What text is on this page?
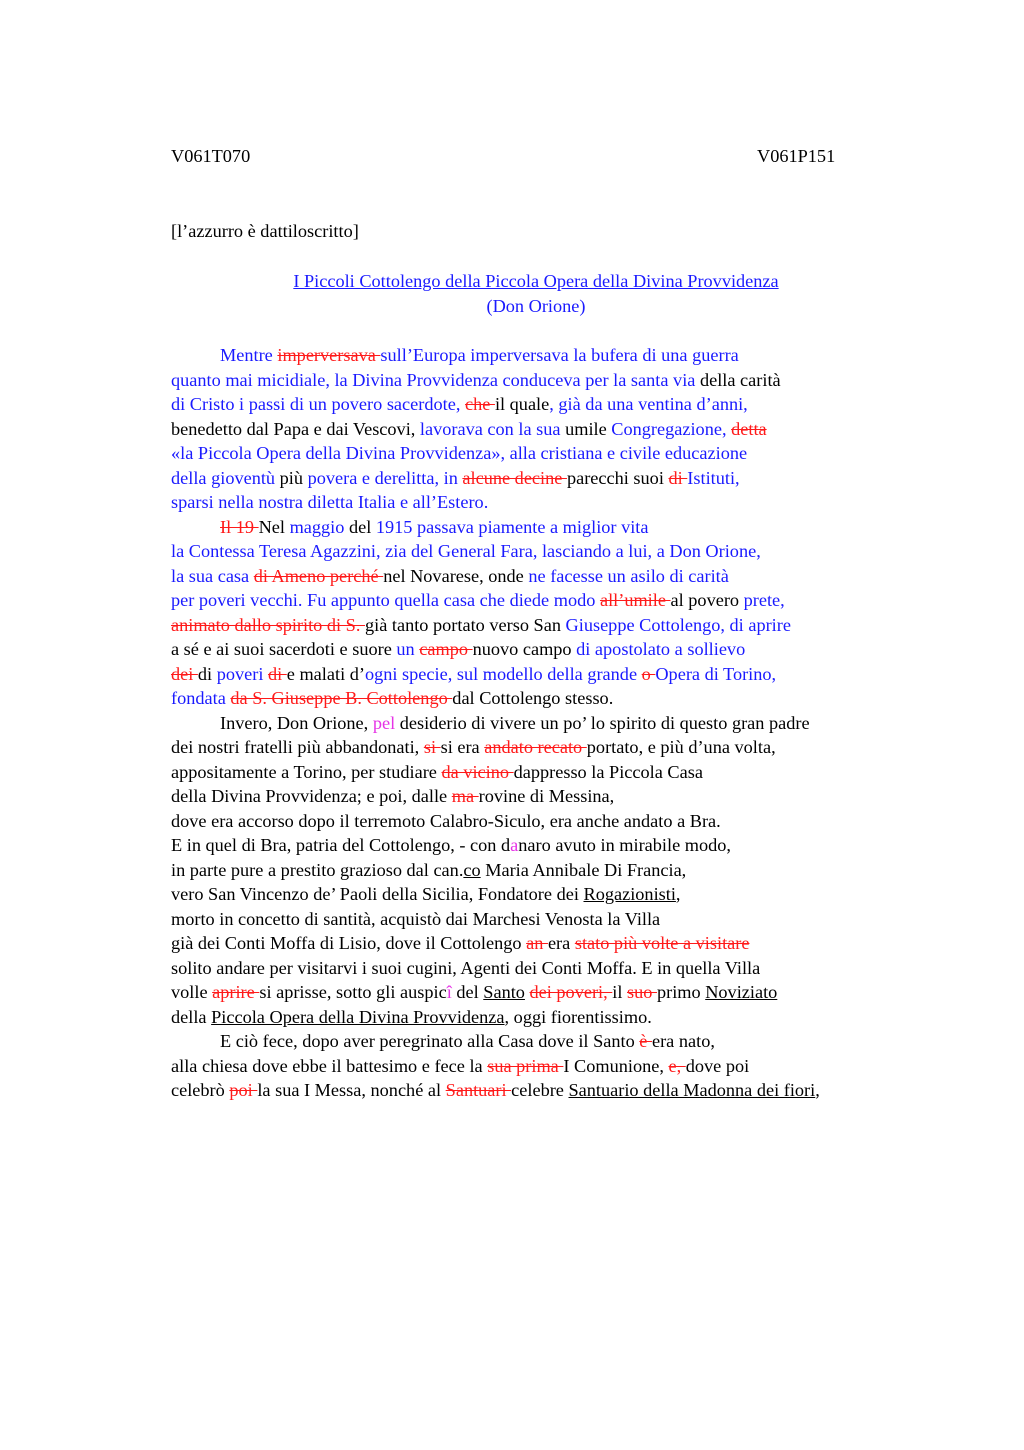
V061T070	V061P151
[l’azzurro è dattiloscritto]
I Piccoli Cottolengo della Piccola Opera della Divina Provvidenza
(Don Orione)
Mentre imperversava sull’Europa imperversava la bufera di una guerra
quanto mai micidiale, la Divina Provvidenza conduceva per la santa via della carità
di Cristo i passi di un povero sacerdote, che il quale, già da una ventina d’anni,
benedetto dal Papa e dai Vescovi, lavorava con la sua umile Congregazione, detta
«la Piccola Opera della Divina Provvidenza», alla cristiana e civile educazione
della gioventù più povera e derelitta, in alcune decine parecchi suoi di Istituti,
sparsi nella nostra diletta Italia e all’Estero.
Il 19 Nel maggio del 1915 passava piamente a miglior vita
la Contessa Teresa Agazzini, zia del General Fara, lasciando a lui, a Don Orione,
la sua casa di Ameno perché nel Novarese, onde ne facesse un asilo di carità
per poveri vecchi. Fu appunto quella casa che diede modo all’umile al povero prete,
animato dallo spirito di S. già tanto portato verso San Giuseppe Cottolengo, di aprire
a sé e ai suoi sacerdoti e suore un campo nuovo campo di apostolato a sollievo
dei di poveri di e malati d’ogni specie, sul modello della grande o Opera di Torino,
fondata da S. Giuseppe B. Cottolengo dal Cottolengo stesso.
Invero, Don Orione, pel desiderio di vivere un po’ lo spirito di questo gran padre
dei nostri fratelli più abbandonati, si si era andato recato portato, e più d’una volta,
appositamente a Torino, per studiare da vicino dappresso la Piccola Casa
della Divina Provvidenza; e poi, dalle ma rovine di Messina,
dove era accorso dopo il terremoto Calabro-Siculo, era anche andato a Bra.
E in quel di Bra, patria del Cottolengo, - con danaro avuto in mirabile modo,
in parte pure a prestito grazioso dal can.co Maria Annibale Di Francia,
vero San Vincenzo de’ Paoli della Sicilia, Fondatore dei Rogazionisti,
morto in concetto di santità, acquistò dai Marchesi Venosta la Villa
già dei Conti Moffa di Lisio, dove il Cottolengo an era stato più volte a visitare
solito andare per visitarvi i suoi cugini, Agenti dei Conti Moffa. E in quella Villa
volle aprire si aprisse, sotto gli auspicî del Santo dei poveri, il suo primo Noviziato
della Piccola Opera della Divina Provvidenza, oggi fiorentissimo.
E ciò fece, dopo aver peregrinato alla Casa dove il Santo è era nato,
alla chiesa dove ebbe il battesimo e fece la sua prima I Comunione, e, dove poi
celebrò poi la sua I Messa, nonché al Santuari celebre Santuario della Madonna dei fiori,
